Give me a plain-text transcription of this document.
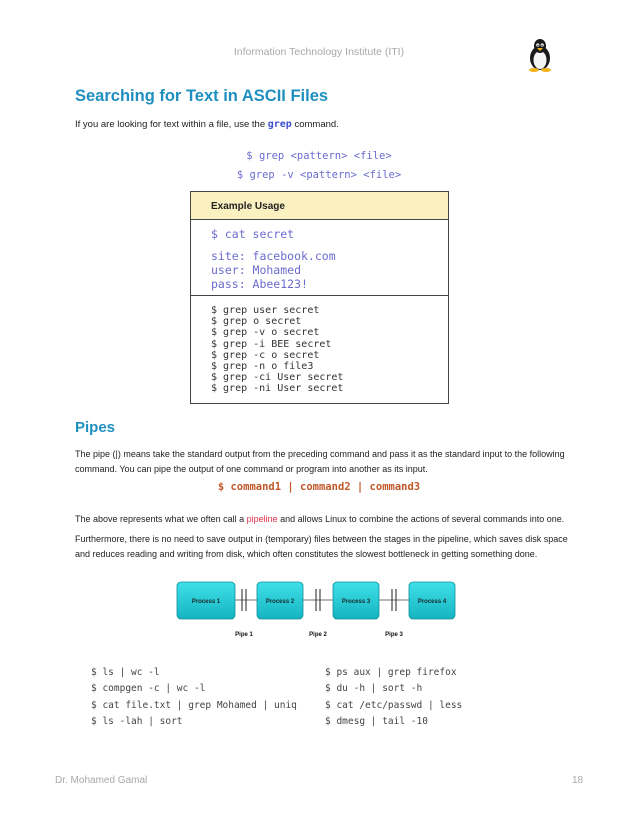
Information Technology Institute (ITI)
Searching for Text in ASCII Files
If you are looking for text within a file, use the grep command.
$ grep <pattern> <file>
$ grep -v <pattern> <file>
Example Usage
$ cat secret
site: facebook.com
user: Mohamed
pass: Abee123!
$ grep user secret
$ grep o secret
$ grep -v o secret
$ grep -i BEE secret
$ grep -c o secret
$ grep -n o file3
$ grep -ci User secret
$ grep -ni User secret
Pipes
The pipe (|) means take the standard output from the preceding command and pass it as the standard input to the following command. You can pipe the output of one command or program into another as its input.
$ command1 | command2 | command3
The above represents what we often call a pipeline and allows Linux to combine the actions of several commands into one.
Furthermore, there is no need to save output in (temporary) files between the stages in the pipeline, which saves disk space and reduces reading and writing from disk, which often constitutes the slowest bottleneck in getting something done.
Process 1	Process 2	Process 3	Process 4
Pipe 1	Pipe 2	Pipe 3
$ ls | wc -l
$ compgen -c | wc -l
$ cat file.txt | grep Mohamed | uniq
$ ls -lah | sort
$ ps aux | grep firefox
$ du -h | sort -h
$ cat /etc/passwd | less
$ dmesg | tail -10
Dr. Mohamed Gamal	18
